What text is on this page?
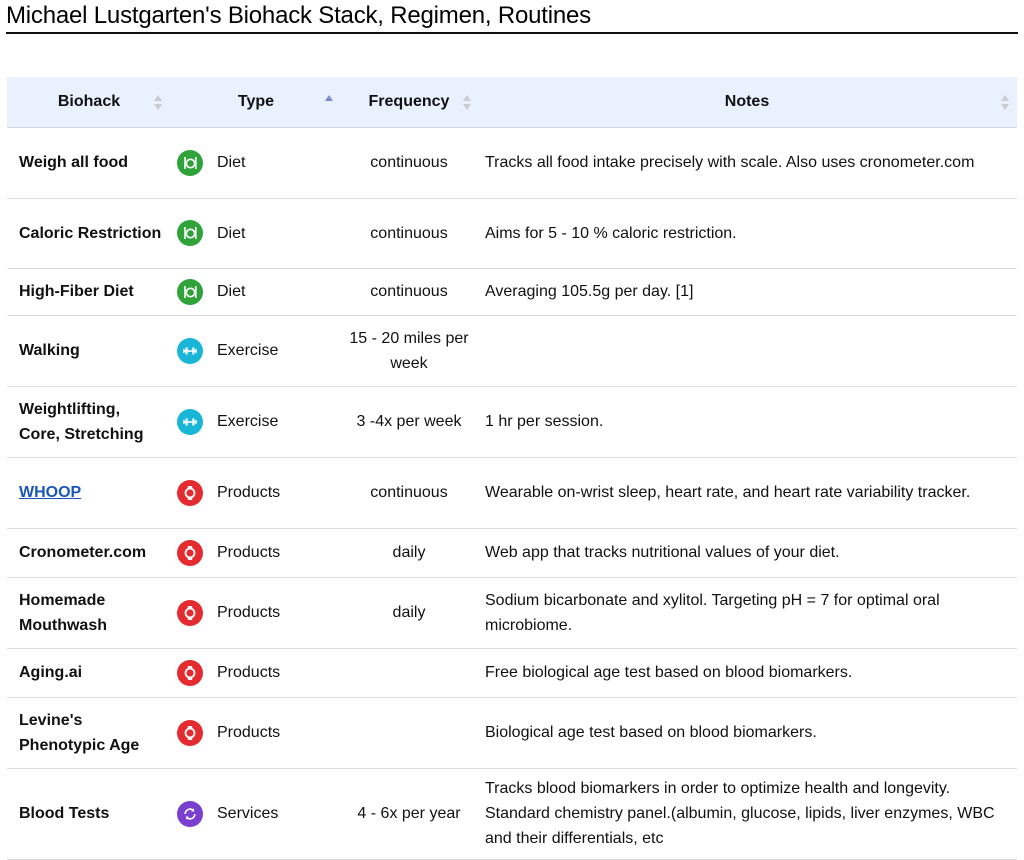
Michael Lustgarten's Biohack Stack, Regimen, Routines
Biohack	Type	Frequency	Notes

Weigh all food	Diet	continuous	Tracks all food intake precisely with scale. Also uses cronometer.com
Caloric Restriction	Diet	continuous	Aims for 5 - 10 % caloric restriction.
High-Fiber Diet	Diet	continuous	Averaging 105.5g per day. [1]
Walking	Exercise	15 - 20 miles per week	
Weightlifting, Core, Stretching	Exercise	3 -4x per week	1 hr per session.
WHOOP	Products	continuous	Wearable on-wrist sleep, heart rate, and heart rate variability tracker.
Cronometer.com	Products	daily	Web app that tracks nutritional values of your diet.
Homemade Mouthwash	Products	daily	Sodium bicarbonate and xylitol. Targeting pH = 7 for optimal oral microbiome.
Aging.ai	Products		Free biological age test based on blood biomarkers.
Levine's Phenotypic Age	Products		Biological age test based on blood biomarkers.
Blood Tests	Services	4 - 6x per year	Tracks blood biomarkers in order to optimize health and longevity. Standard chemistry panel.(albumin, glucose, lipids, liver enzymes, WBC and their differentials, etc
